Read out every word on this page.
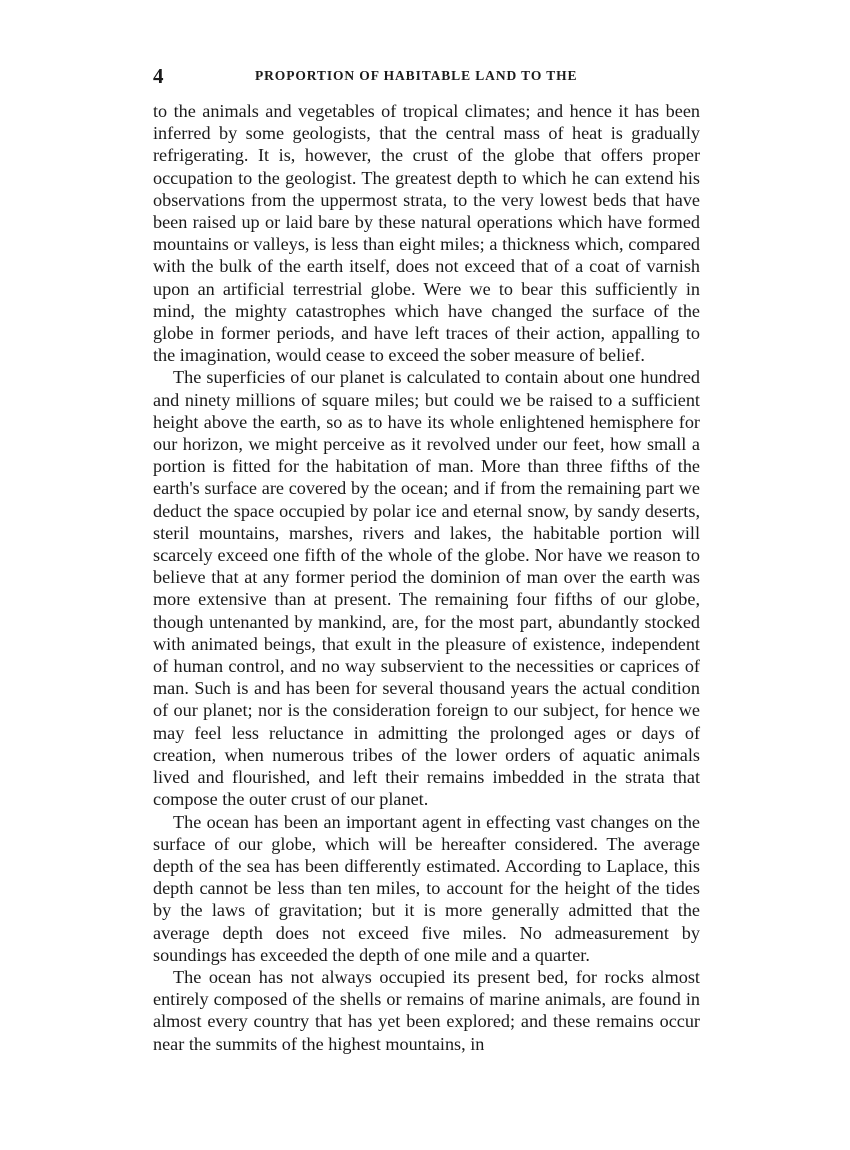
4	PROPORTION OF HABITABLE LAND TO THE

to the animals and vegetables of tropical climates; and hence it has been inferred by some geologists, that the central mass of heat is gradually refrigerating. It is, however, the crust of the globe that offers proper occupation to the geologist. The greatest depth to which he can extend his observations from the uppermost strata, to the very lowest beds that have been raised up or laid bare by these natural operations which have formed mountains or valleys, is less than eight miles; a thickness which, compared with the bulk of the earth itself, does not exceed that of a coat of varnish upon an artificial terrestrial globe. Were we to bear this sufficiently in mind, the mighty catastrophes which have changed the surface of the globe in former periods, and have left traces of their action, appalling to the imagination, would cease to exceed the sober measure of belief.

The superficies of our planet is calculated to contain about one hundred and ninety millions of square miles; but could we be raised to a sufficient height above the earth, so as to have its whole enlightened hemisphere for our horizon, we might perceive as it revolved under our feet, how small a portion is fitted for the habitation of man. More than three fifths of the earth's surface are covered by the ocean; and if from the remaining part we deduct the space occupied by polar ice and eternal snow, by sandy deserts, steril mountains, marshes, rivers and lakes, the habitable portion will scarcely exceed one fifth of the whole of the globe. Nor have we reason to believe that at any former period the dominion of man over the earth was more extensive than at present. The remaining four fifths of our globe, though untenanted by mankind, are, for the most part, abundantly stocked with animated beings, that exult in the pleasure of existence, independent of human control, and no way subservient to the necessities or caprices of man. Such is and has been for several thousand years the actual condition of our planet; nor is the consideration foreign to our subject, for hence we may feel less reluctance in admitting the prolonged ages or days of creation, when numerous tribes of the lower orders of aquatic animals lived and flourished, and left their remains imbedded in the strata that compose the outer crust of our planet.

The ocean has been an important agent in effecting vast changes on the surface of our globe, which will be hereafter considered. The average depth of the sea has been differently estimated. According to Laplace, this depth cannot be less than ten miles, to account for the height of the tides by the laws of gravitation; but it is more generally admitted that the average depth does not exceed five miles. No admeasurement by soundings has exceeded the depth of one mile and a quarter.

The ocean has not always occupied its present bed, for rocks almost entirely composed of the shells or remains of marine animals, are found in almost every country that has yet been explored; and these remains occur near the summits of the highest mountains, in
